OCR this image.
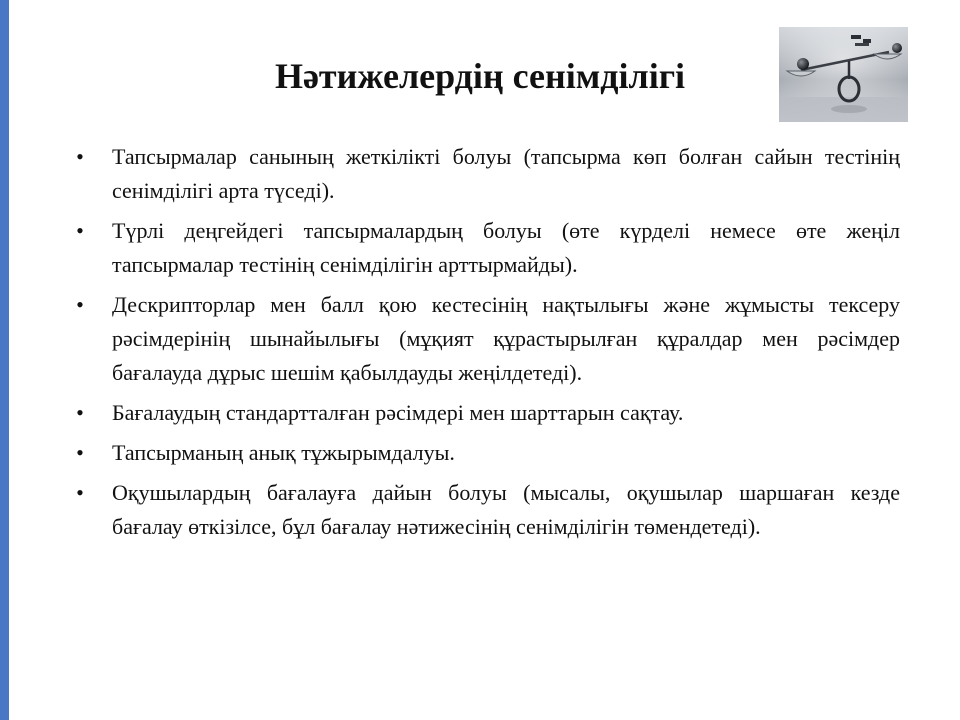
Нәтижелердің сенімділігі
• Тапсырмалар санының жеткілікті болуы (тапсырма көп болған сайын тестінің сенімділігі арта түседі).
• Түрлі деңгейдегі тапсырмалардың болуы (өте күрделі немесе өте жеңіл тапсырмалар тестінің сенімділігін арттырмайды).
• Дескрипторлар мен балл қою кестесінің нақтылығы және жұмысты тексеру рәсімдерінің шынайылығы (мұқият құрастырылған құралдар мен рәсімдер бағалауда дұрыс шешім қабылдауды жеңілдетеді).
• Бағалаудың стандартталған рәсімдері мен шарттарын сақтау.
• Тапсырманың анық тұжырымдалуы.
• Оқушылардың бағалауға дайын болуы (мысалы, оқушылар шаршаған кезде бағалау өткізілсе, бұл бағалау нәтижесінің сенімділігін төмендетеді).
